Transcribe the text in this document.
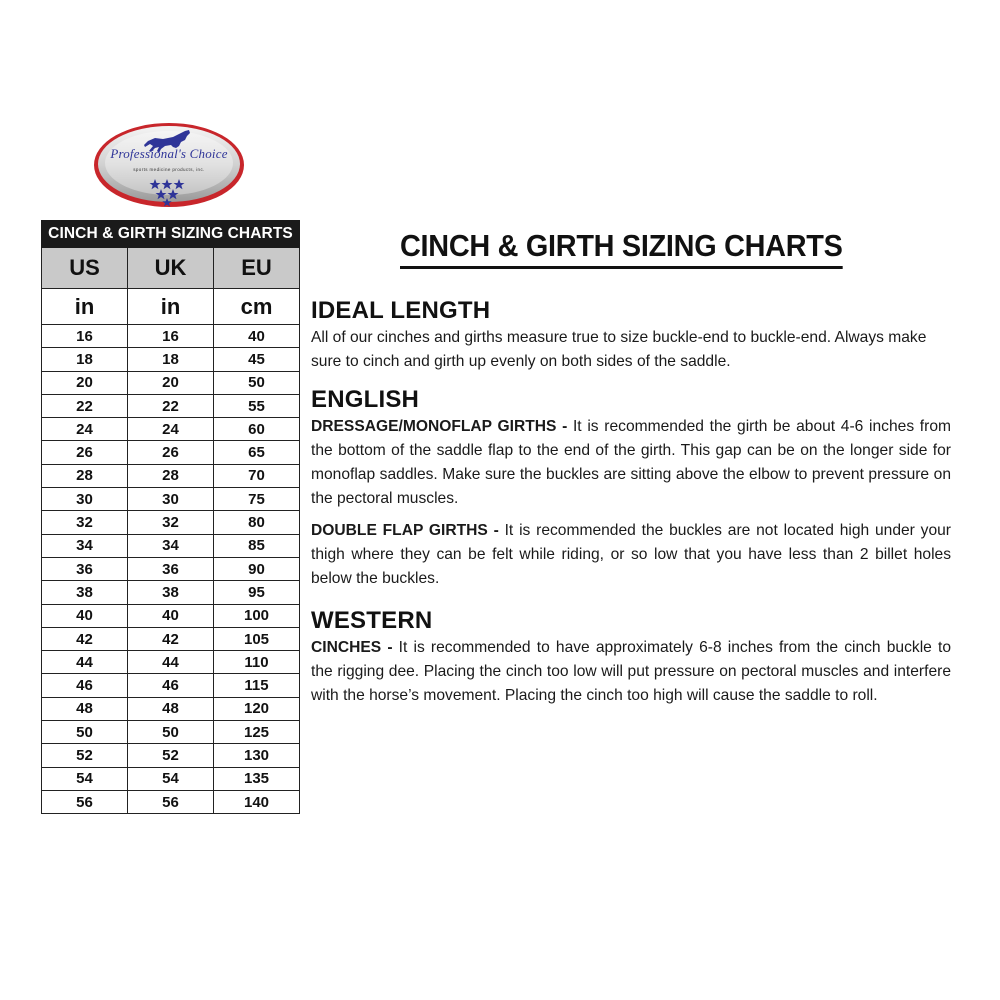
Professional's Choice
sports medicine products, inc.
CINCH & GIRTH SIZING CHARTS		
US	UK	EU
in	in	cm
16	16	40
18	18	45
20	20	50
22	22	55
24	24	60
26	26	65
28	28	70
30	30	75
32	32	80
34	34	85
36	36	90
38	38	95
40	40	100
42	42	105
44	44	110
46	46	115
48	48	120
50	50	125
52	52	130
54	54	135
56	56	140
CINCH & GIRTH SIZING CHARTS
IDEAL LENGTH

All of our cinches and girths measure true to size buckle-end to buckle-end. Always make sure to cinch and girth up evenly on both sides of the saddle.

ENGLISH

DRESSAGE/MONOFLAP GIRTHS - It is recommended the girth be about 4-6 inches from the bottom of the saddle flap to the end of the girth. This gap can be on the longer side for monoflap saddles. Make sure the buckles are sitting above the elbow to prevent pressure on the pectoral muscles.

DOUBLE FLAP GIRTHS - It is recommended the buckles are not located high under your thigh where they can be felt while riding, or so low that you have less than 2 billet holes below the buckles.

WESTERN

CINCHES - It is recommended to have approximately 6-8 inches from the cinch buckle to the rigging dee. Placing the cinch too low will put pressure on pectoral muscles and interfere with the horse’s movement. Placing the cinch too high will cause the saddle to roll.
